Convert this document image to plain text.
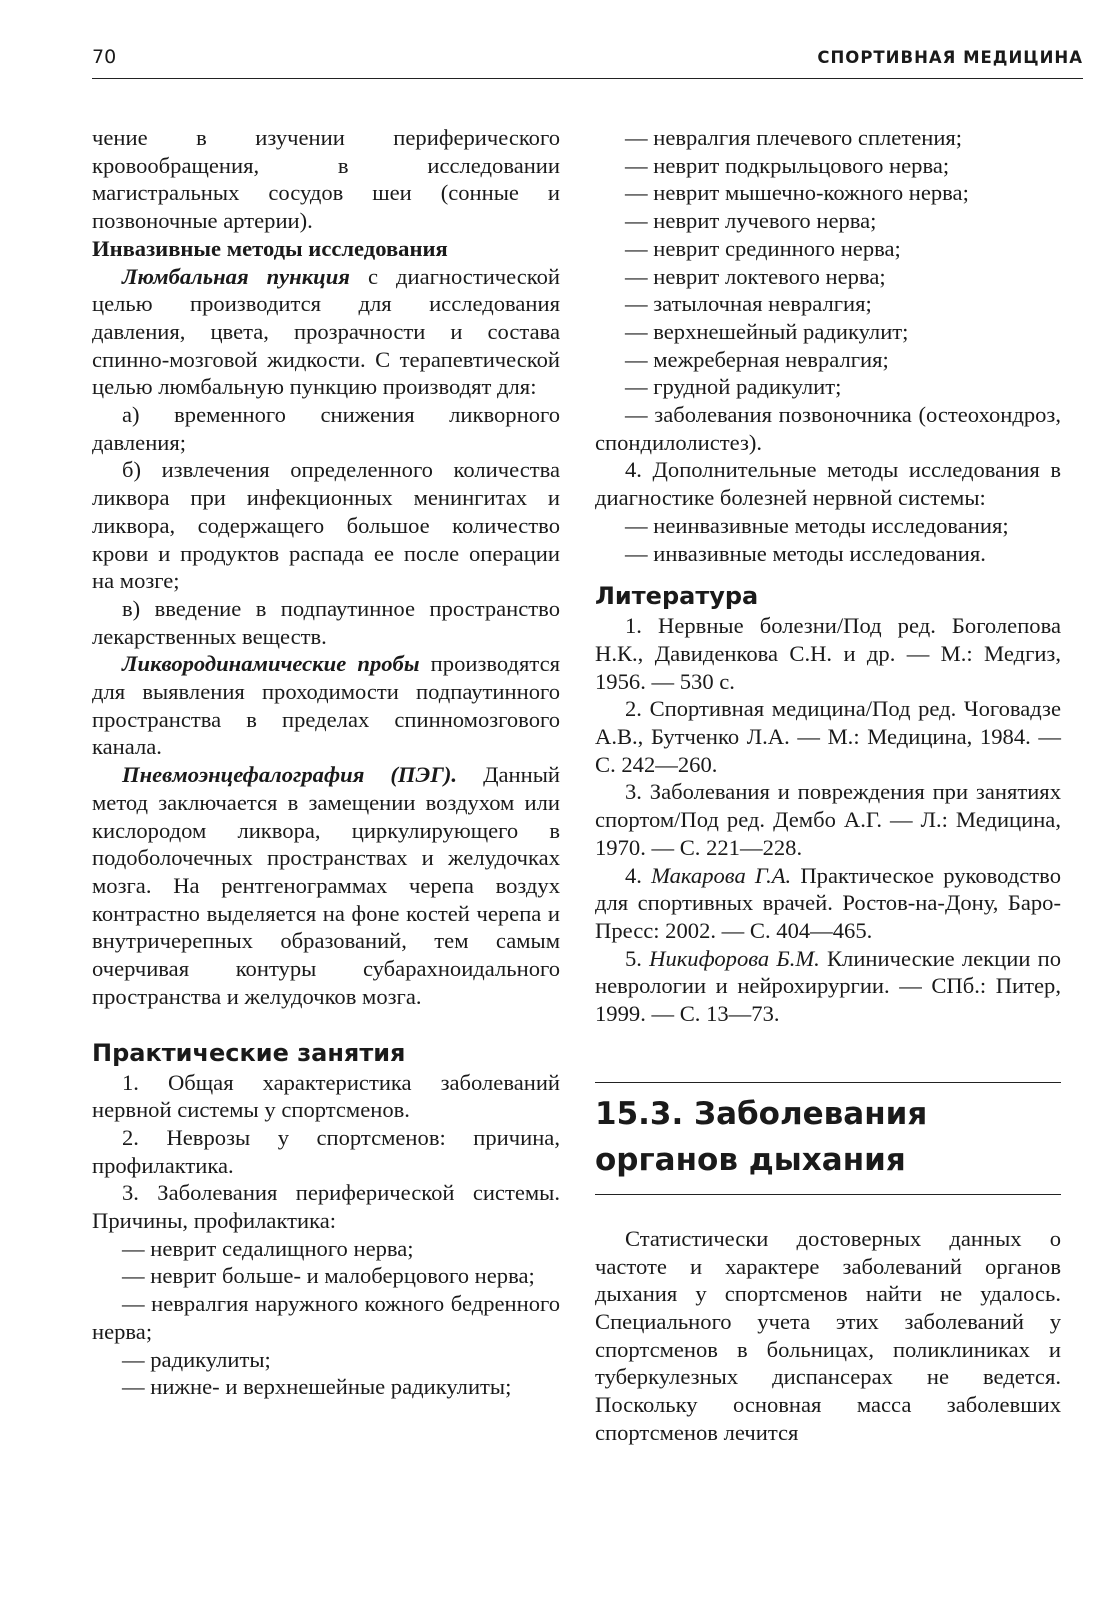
70	СПОРТИВНАЯ МЕДИЦИНА

чение в изучении периферического кровообращения, в исследовании магистральных сосудов шеи (сонные и позвоночные артерии).

Инвазивные методы исследования

Люмбальная пункция с диагностической целью производится для исследования давления, цвета, прозрачности и состава спинно-мозговой жидкости. С терапевтической целью люмбальную пункцию производят для:

а) временного снижения ликворного давления;

б) извлечения определенного количества ликвора при инфекционных менингитах и ликвора, содержащего большое количество крови и продуктов распада ее после операции на мозге;

в) введение в подпаутинное пространство лекарственных веществ.

Ликвородинамические пробы производятся для выявления проходимости подпаутинного пространства в пределах спинномозгового канала.

Пневмоэнцефалография (ПЭГ). Данный метод заключается в замещении воздухом или кислородом ликвора, циркулирующего в подоболочечных пространствах и желудочках мозга. На рентгенограммах черепа воздух контрастно выделяется на фоне костей черепа и внутричерепных образований, тем самым очерчивая контуры субарахноидального пространства и желудочков мозга.

Практические занятия

1. Общая характеристика заболеваний нервной системы у спортсменов.

2. Неврозы у спортсменов: причина, профилактика.

3. Заболевания периферической системы. Причины, профилактика:

— неврит седалищного нерва;

— неврит больше- и малоберцового нерва;

— невралгия наружного кожного бедренного нерва;

— радикулиты;

— нижне- и верхнешейные радикулиты;

— невралгия плечевого сплетения;

— неврит подкрыльцового нерва;

— неврит мышечно-кожного нерва;

— неврит лучевого нерва;

— неврит срединного нерва;

— неврит локтевого нерва;

— затылочная невралгия;

— верхнешейный радикулит;

— межреберная невралгия;

— грудной радикулит;

— заболевания позвоночника (остеохондроз, спондилолистез).

4. Дополнительные методы исследования в диагностике болезней нервной системы:

— неинвазивные методы исследования;

— инвазивные методы исследования.

Литература

1. Нервные болезни/Под ред. Боголепова Н.К., Давиденкова С.Н. и др. — М.: Медгиз, 1956. — 530 с.

2. Спортивная медицина/Под ред. Чоговадзе А.В., Бутченко Л.А. — М.: Медицина, 1984. — С. 242—260.

3. Заболевания и повреждения при занятиях спортом/Под ред. Дембо А.Г. — Л.: Медицина, 1970. — С. 221—228.

4. Макарова Г.А. Практическое руководство для спортивных врачей. Ростов-на-Дону, Баро-Пресс: 2002. — С. 404—465.

5. Никифорова Б.М. Клинические лекции по неврологии и нейрохирургии. — СПб.: Питер, 1999. — С. 13—73.

15.3. Заболевания органов дыхания

Статистически достоверных данных о частоте и характере заболеваний органов дыхания у спортсменов найти не удалось. Специального учета этих заболеваний у спортсменов в больницах, поликлиниках и туберкулезных диспансерах не ведется. Поскольку основная масса заболевших спортсменов лечится
